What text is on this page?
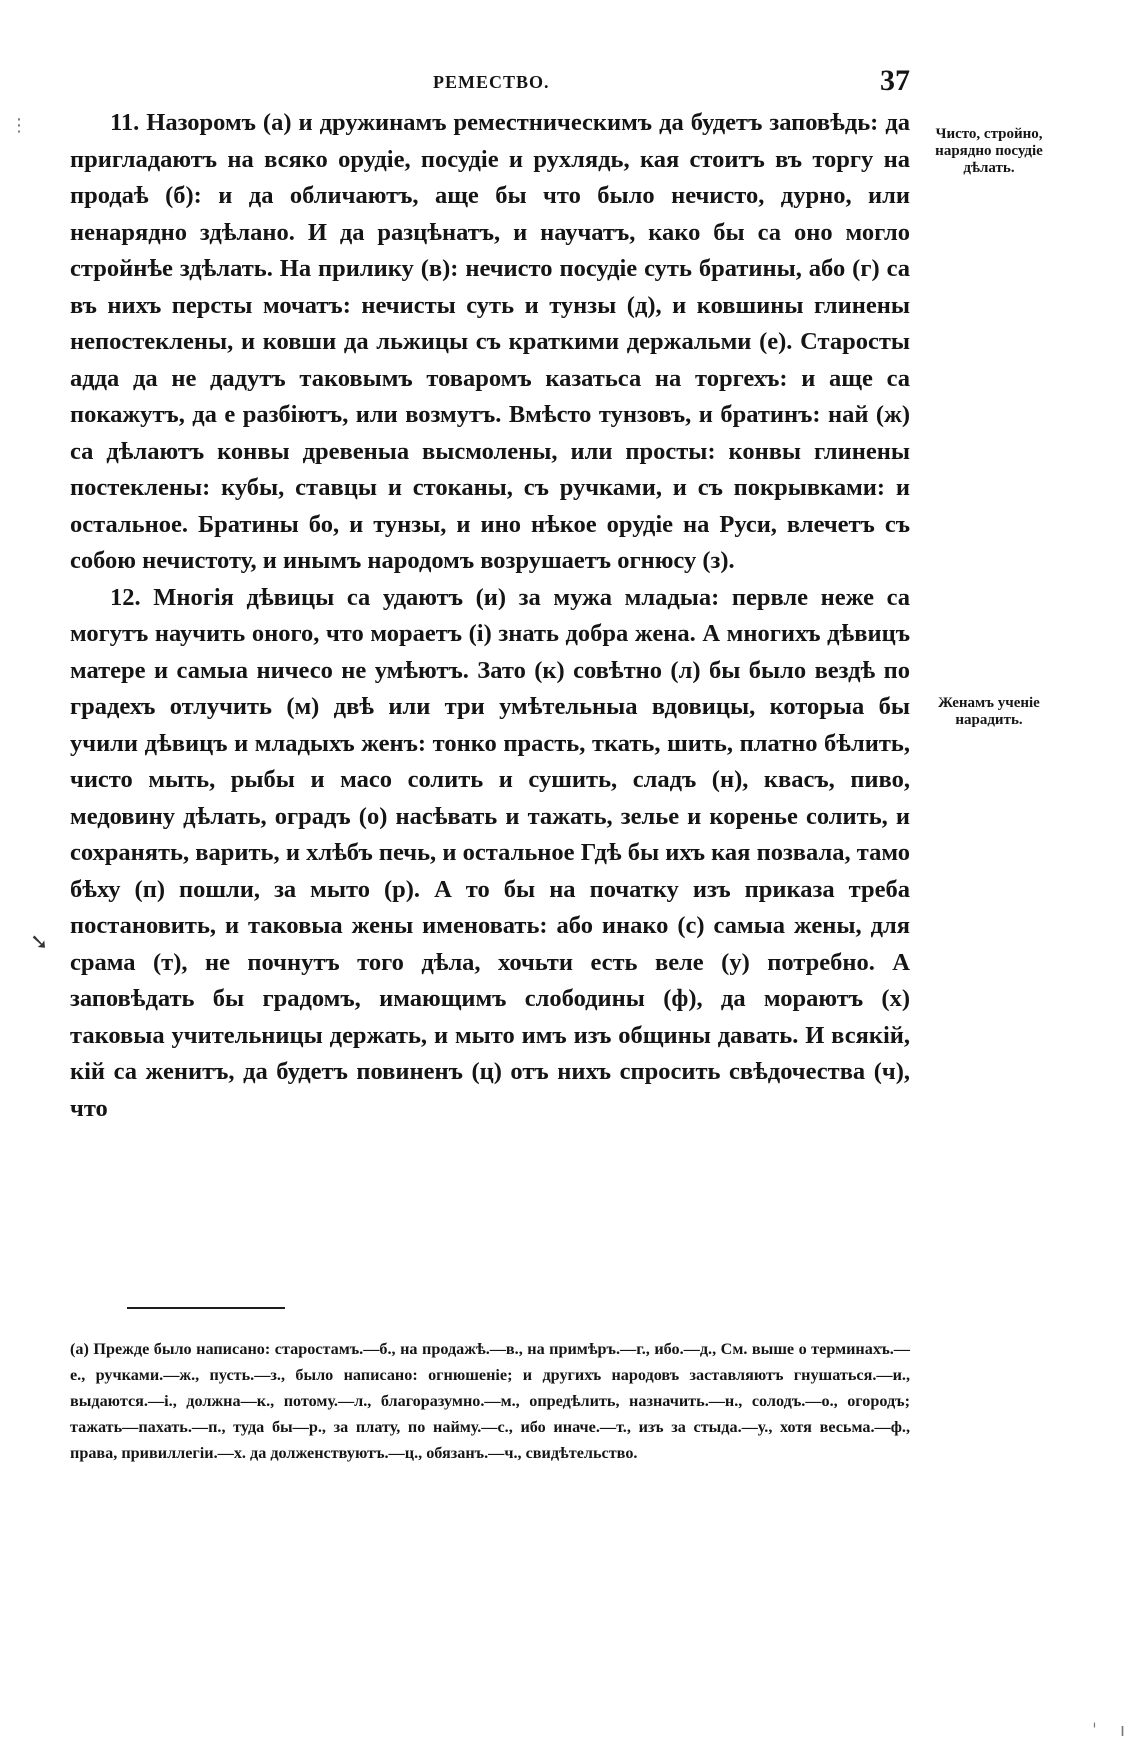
РЕМЕСТВО.	37

11. Назоромъ (а) и дружинамъ реместническимъ да будетъ заповѣдь: да пригладаютъ на всяко орудіе, посудіе и рухлядь, кая стоитъ въ торгу на продаѣ (б): и да обличаютъ, аще бы что было нечисто, дурно, или ненарядно здѣлано. И да разцѣнатъ, и научатъ, како бы са оно могло стройнѣе здѣлать. На прилику (в): нечисто посудіе суть братины, або (г) са въ нихъ персты мочатъ: нечисты суть и тунзы (д), и ковшины глинены непостеклены, и ковши да льжицы съ краткими держальми (е). Старосты адда да не дадутъ таковымъ товаромъ казатьса на торгехъ: и аще са покажутъ, да е разбіютъ, или возмутъ. Вмѣсто тунзовъ, и братинъ: най (ж) са дѣлаютъ конвы древеныа высмолены, или просты: конвы глинены постеклены: кубы, ставцы и стоканы, съ ручками, и съ покрывками: и остальное. Братины бо, и тунзы, и ино нѣкое орудіе на Руси, влечетъ съ собою нечистоту, и инымъ народомъ возрушаетъ огнюсу (з).

12. Многія дѣвицы са удаютъ (и) за мужа младыа: первле неже са могутъ научить оного, что мораетъ (і) знать добра жена. А многихъ дѣвицъ матере и самыа ничесо не умѣютъ. Зато (к) совѣтно (л) бы было вездѣ по градехъ отлучить (м) двѣ или три умѣтельныа вдовицы, которыа бы учили дѣвицъ и младыхъ женъ: тонко прасть, ткать, шить, платно бѣлить, чисто мыть, рыбы и масо солить и сушить, сладъ (н), квасъ, пиво, медовину дѣлать, оградъ (о) насѣвать и тажать, зелье и коренье солить, и сохранять, варить, и хлѣбъ печь, и остальное Гдѣ бы ихъ кая позвала, тамо бѣху (п) пошли, за мыто (р). А то бы на початку изъ приказа треба постановить, и таковыа жены именовать: або инако (с) самыа жены, для срама (т), не почнутъ того дѣла, хочьти есть веле (у) потребно. А заповѣдать бы градомъ, имающимъ слободины (ф), да мораютъ (х) таковыа учительницы держать, и мыто имъ изъ общины давать. И всякій, кій са женитъ, да будетъ повиненъ (ц) отъ нихъ спросить свѣдочества (ч), что

Чисто, стройно, нарядно посудіе дѣлать.
Женамъ ученіе нарадить.
(а) Прежде было написано: старостамъ.—б., на продажѣ.—в., на примѣръ.—г., ибо.—д., См. выше о терминахъ.—е., ручками.—ж., пусть.—з., было написано: огнюшеніе; и другихъ народовъ заставляютъ гнушаться.—и., выдаются.—і., должна—к., потому.—л., благоразумно.—м., опредѣлить, назначить.—н., солодъ.—о., огородъ; тажать—пахать.—п., туда бы—р., за плату, по найму.—с., ибо иначе.—т., изъ за стыда.—у., хотя весьма.—ф., права, привиллегіи.—х. да долженствуютъ.—ц., обязанъ.—ч., свидѣтельство.
⋮
➘
ˈ ı
